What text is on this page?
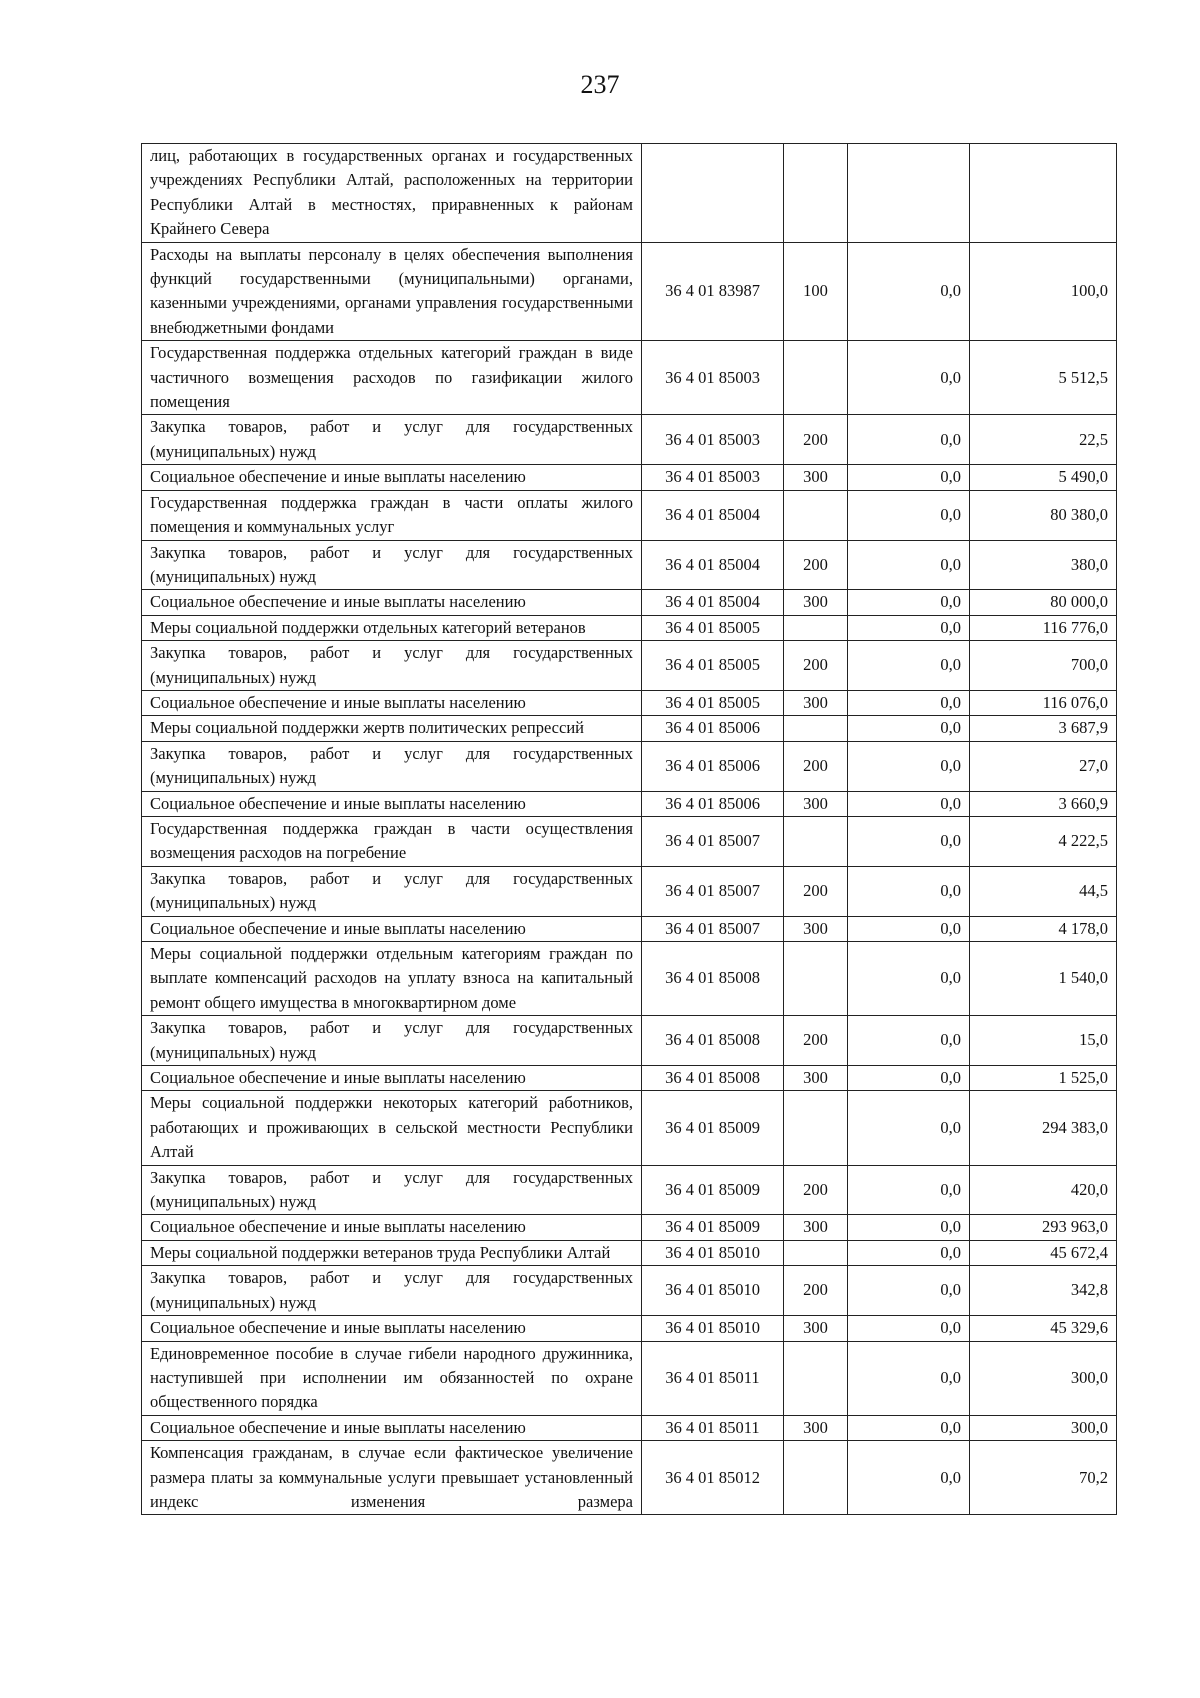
237
лиц, работающих в государственных органах и государственных учреждениях Республики Алтай, расположенных на территории Республики Алтай в местностях, приравненных к районам Крайнего Севера				
Расходы на выплаты персоналу в целях обеспечения выполнения функций государственными (муниципальными) органами, казенными учреждениями, органами управления государственными внебюджетными фондами	36 4 01 83987	100	0,0	100,0
Государственная поддержка отдельных категорий граждан в виде частичного возмещения расходов по газификации жилого помещения	36 4 01 85003		0,0	5 512,5
Закупка товаров, работ и услуг для государственных (муниципальных) нужд	36 4 01 85003	200	0,0	22,5
Социальное обеспечение и иные выплаты населению	36 4 01 85003	300	0,0	5 490,0
Государственная поддержка граждан в части оплаты жилого помещения и коммунальных услуг	36 4 01 85004		0,0	80 380,0
Закупка товаров, работ и услуг для государственных (муниципальных) нужд	36 4 01 85004	200	0,0	380,0
Социальное обеспечение и иные выплаты населению	36 4 01 85004	300	0,0	80 000,0
Меры социальной поддержки отдельных категорий ветеранов	36 4 01 85005		0,0	116 776,0
Закупка товаров, работ и услуг для государственных (муниципальных) нужд	36 4 01 85005	200	0,0	700,0
Социальное обеспечение и иные выплаты населению	36 4 01 85005	300	0,0	116 076,0
Меры социальной поддержки жертв политических репрессий	36 4 01 85006		0,0	3 687,9
Закупка товаров, работ и услуг для государственных (муниципальных) нужд	36 4 01 85006	200	0,0	27,0
Социальное обеспечение и иные выплаты населению	36 4 01 85006	300	0,0	3 660,9
Государственная поддержка граждан в части осуществления возмещения расходов на погребение	36 4 01 85007		0,0	4 222,5
Закупка товаров, работ и услуг для государственных (муниципальных) нужд	36 4 01 85007	200	0,0	44,5
Социальное обеспечение и иные выплаты населению	36 4 01 85007	300	0,0	4 178,0
Меры социальной поддержки отдельным категориям граждан по выплате компенсаций расходов на уплату взноса на капитальный ремонт общего имущества в многоквартирном доме	36 4 01 85008		0,0	1 540,0
Закупка товаров, работ и услуг для государственных (муниципальных) нужд	36 4 01 85008	200	0,0	15,0
Социальное обеспечение и иные выплаты населению	36 4 01 85008	300	0,0	1 525,0
Меры социальной поддержки некоторых категорий работников, работающих и проживающих в сельской местности Республики Алтай	36 4 01 85009		0,0	294 383,0
Закупка товаров, работ и услуг для государственных (муниципальных) нужд	36 4 01 85009	200	0,0	420,0
Социальное обеспечение и иные выплаты населению	36 4 01 85009	300	0,0	293 963,0
Меры социальной поддержки ветеранов труда Республики Алтай	36 4 01 85010		0,0	45 672,4
Закупка товаров, работ и услуг для государственных (муниципальных) нужд	36 4 01 85010	200	0,0	342,8
Социальное обеспечение и иные выплаты населению	36 4 01 85010	300	0,0	45 329,6
Единовременное пособие в случае гибели народного дружинника, наступившей при исполнении им обязанностей по охране общественного порядка	36 4 01 85011		0,0	300,0
Социальное обеспечение и иные выплаты населению	36 4 01 85011	300	0,0	300,0
Компенсация гражданам, в случае если фактическое увеличение размера платы за коммунальные услуги превышает установленный индекс изменения размера	36 4 01 85012		0,0	70,2
